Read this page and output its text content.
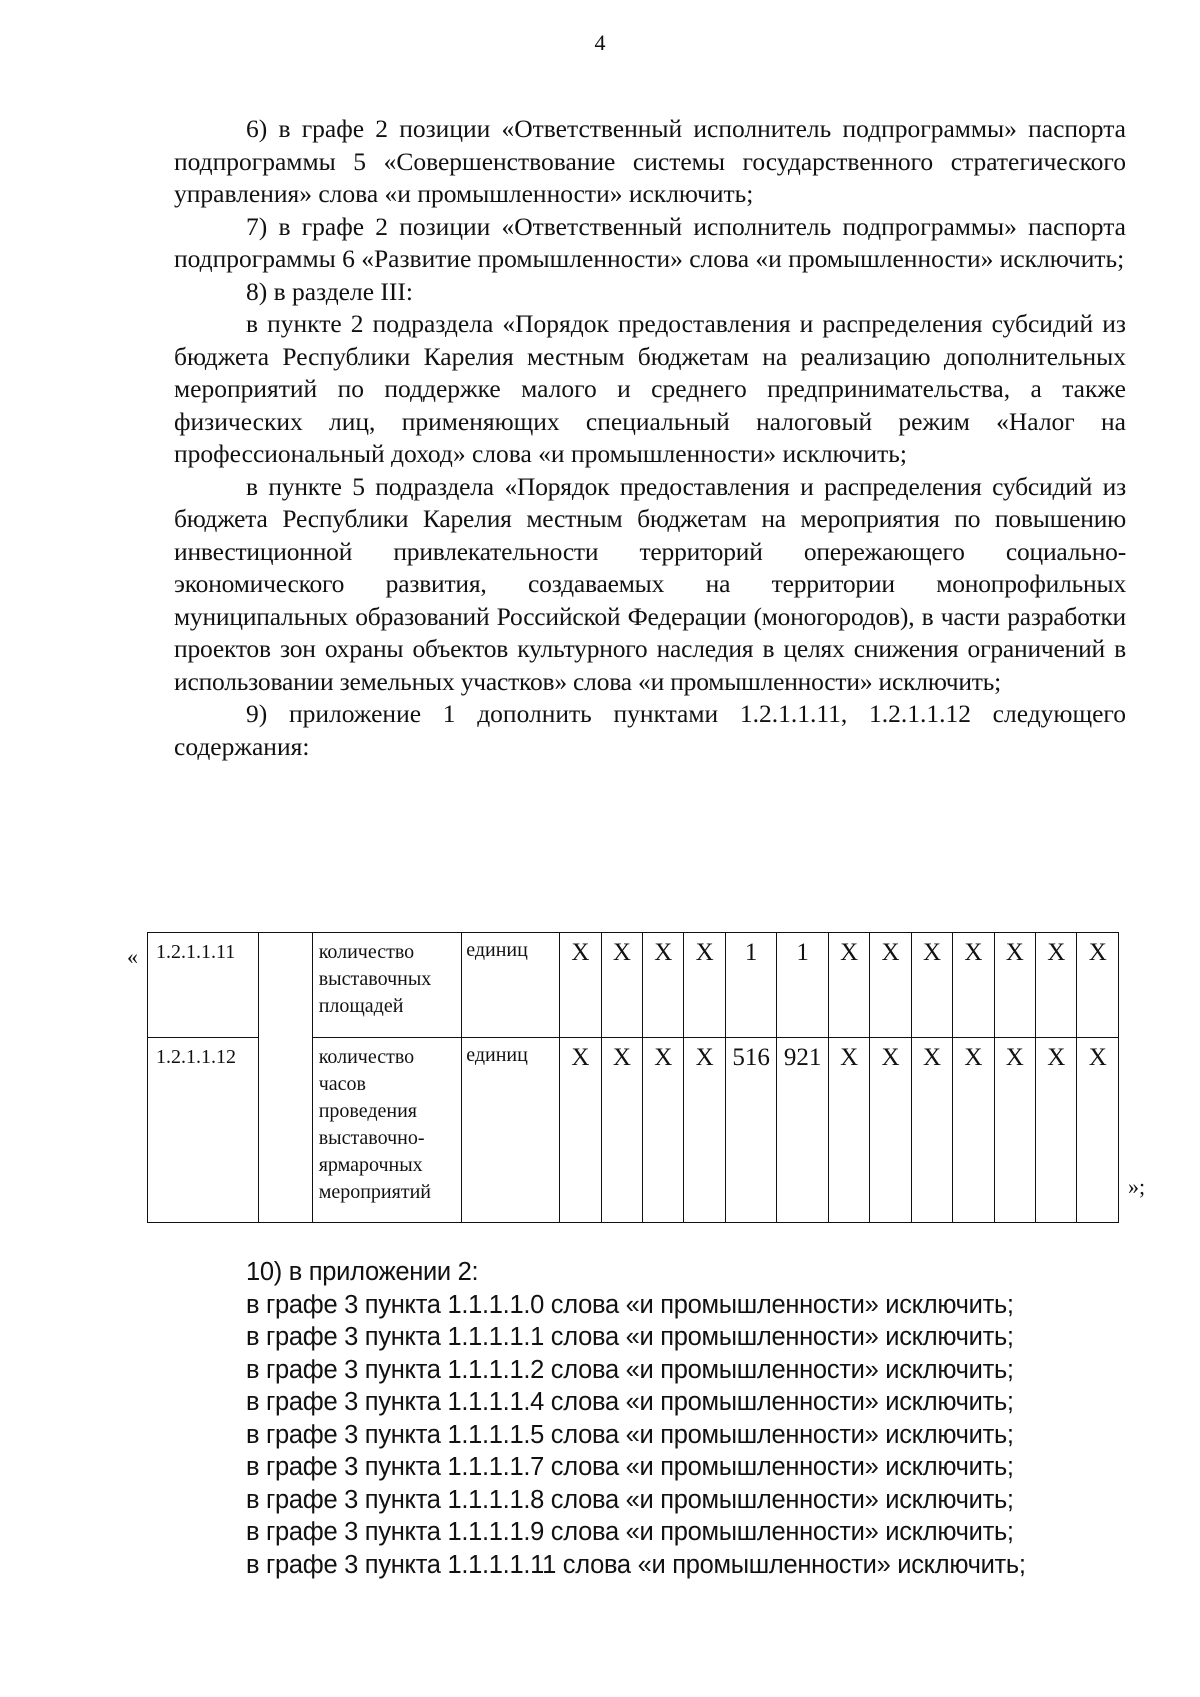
4

6) в графе 2 позиции «Ответственный исполнитель подпрограммы» паспорта подпрограммы 5 «Совершенствование системы государственного стратегического управления» слова «и промышленности» исключить;

7) в графе 2 позиции «Ответственный исполнитель подпрограммы» паспорта подпрограммы 6 «Развитие промышленности» слова «и промышленности» исключить;

8) в разделе III:

в пункте 2 подраздела «Порядок предоставления и распределения субсидий из бюджета Республики Карелия местным бюджетам на реализацию дополнительных мероприятий по поддержке малого и среднего предпринимательства, а также физических лиц, применяющих специальный налоговый режим «Налог на профессиональный доход» слова «и промышленности» исключить;

в пункте 5 подраздела «Порядок предоставления и распределения субсидий из бюджета Республики Карелия местным бюджетам на мероприятия по повышению инвестиционной привлекательности территорий опережающего социально-экономического развития, создаваемых на территории монопрофильных муниципальных образований Российской Федерации (моногородов), в части разработки проектов зон охраны объектов культурного наследия в целях снижения ограничений в использовании земельных участков» слова «и промышленности» исключить;

9) приложение 1 дополнить пунктами 1.2.1.1.11, 1.2.1.1.12 следующего содержания:

« 1.2.1.1.11		количество выставочных площадей	единиц	X	X	X	X	1	1	X	X	X	X	X	X	X
1.2.1.1.12		количество часов проведения выставочно-ярмарочных мероприятий	единиц	X	X	X	X	516	921	X	X	X	X	X	X	X
»;
10) в приложении 2:
в графе 3 пункта 1.1.1.1.0 слова «и промышленности» исключить;
в графе 3 пункта 1.1.1.1.1 слова «и промышленности» исключить;
в графе 3 пункта 1.1.1.1.2 слова «и промышленности» исключить;
в графе 3 пункта 1.1.1.1.4 слова «и промышленности» исключить;
в графе 3 пункта 1.1.1.1.5 слова «и промышленности» исключить;
в графе 3 пункта 1.1.1.1.7 слова «и промышленности» исключить;
в графе 3 пункта 1.1.1.1.8 слова «и промышленности» исключить;
в графе 3 пункта 1.1.1.1.9 слова «и промышленности» исключить;
в графе 3 пункта 1.1.1.1.11 слова «и промышленности» исключить;
